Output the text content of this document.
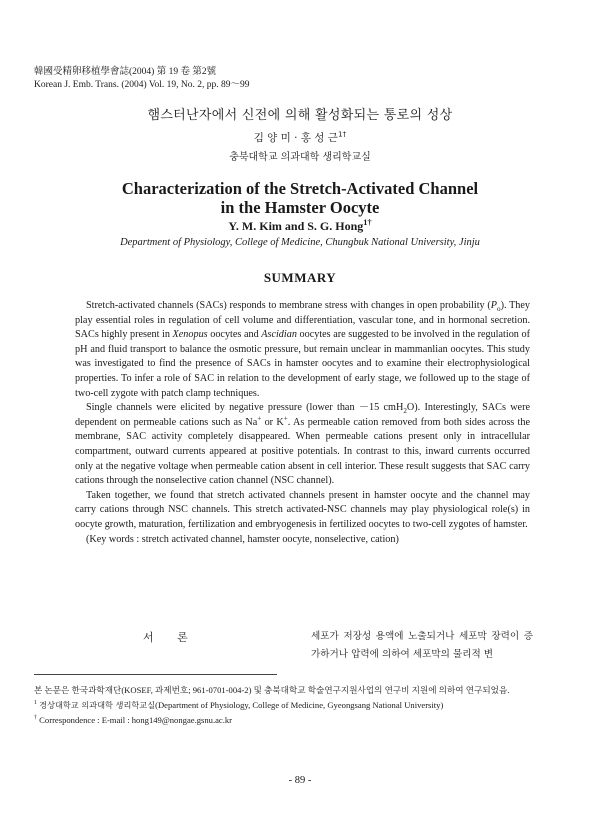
韓國受精卵移植學會誌(2004) 第 19 卷 第2號
Korean J. Emb. Trans. (2004) Vol. 19, No. 2, pp. 89～99
햄스터난자에서 신전에 의해 활성화되는 통로의 성상
김 양 미 · 홍 성 근$^{1\dagger}$
충북대학교 의과대학 생리학교실
Characterization of the Stretch-Activated Channel
in the Hamster Oocyte
Y. M. Kim and S. G. Hong$^{1\dagger}$
Department of Physiology, College of Medicine, Chungbuk National University, Jinju
SUMMARY

Stretch-activated channels (SACs) responds to membrane stress with changes in open probability $(P_o)$. They play essential roles in regulation of cell volume and differentiation, vascular tone, and in hormonal secretion. SACs highly present in Xenopus oocytes and Ascidian oocytes are suggested to be involved in the regulation of pH and fluid transport to balance the osmotic pressure, but remain unclear in mammanlian oocytes. This study was investigated to find the presence of SACs in hamster oocytes and to examine their electrophysiological properties. To infer a role of SAC in relation to the development of early stage, we followed up to the stage of two-cell zygote with patch clamp techniques.

Single channels were elicited by negative pressure (lower than －15 cmH$_2$O). Interestingly, SACs were dependent on permeable cations such as Na+ or K+. As permeable cation removed from both sides across the membrane, SAC activity completely disappeared. When permeable cations present only in intracellular compartment, outward currents appeared at positive potentials. In contrast to this, inward currents occurred only at the negative voltage when permeable cation absent in cell interior. These result suggests that SAC carry cations through the nonselective cation channel (NSC channel).

Taken together, we found that stretch activated channels present in hamster oocyte and the channel may carry cations through NSC channels. This stretch activated-NSC channels may play physiological role(s) in oocyte growth, maturation, fertilization and embryogenesis in fertilized oocytes to two-cell zygotes of hamster.

(Key words : stretch activated channel, hamster oocyte, nonselective, cation)

서 론	세포가 저장성 용액에 노출되거나 세포막 장력이 증가하거나 압력에 의하여 세포막의 물리적 변
본 논문은 한국과학재단(KOSEF, 과제번호; 961-0701-004-2) 및 충북대학교 학술연구지원사업의 연구비 지원에 의하여 연구되었음.
$^1$ 경상대학교 의과대학 생리학교실(Department of Physiology, College of Medicine, Gyeongsang National University)
† Correspondence : E-mail : hong149@nongae.gsnu.ac.kr
- 89 -
